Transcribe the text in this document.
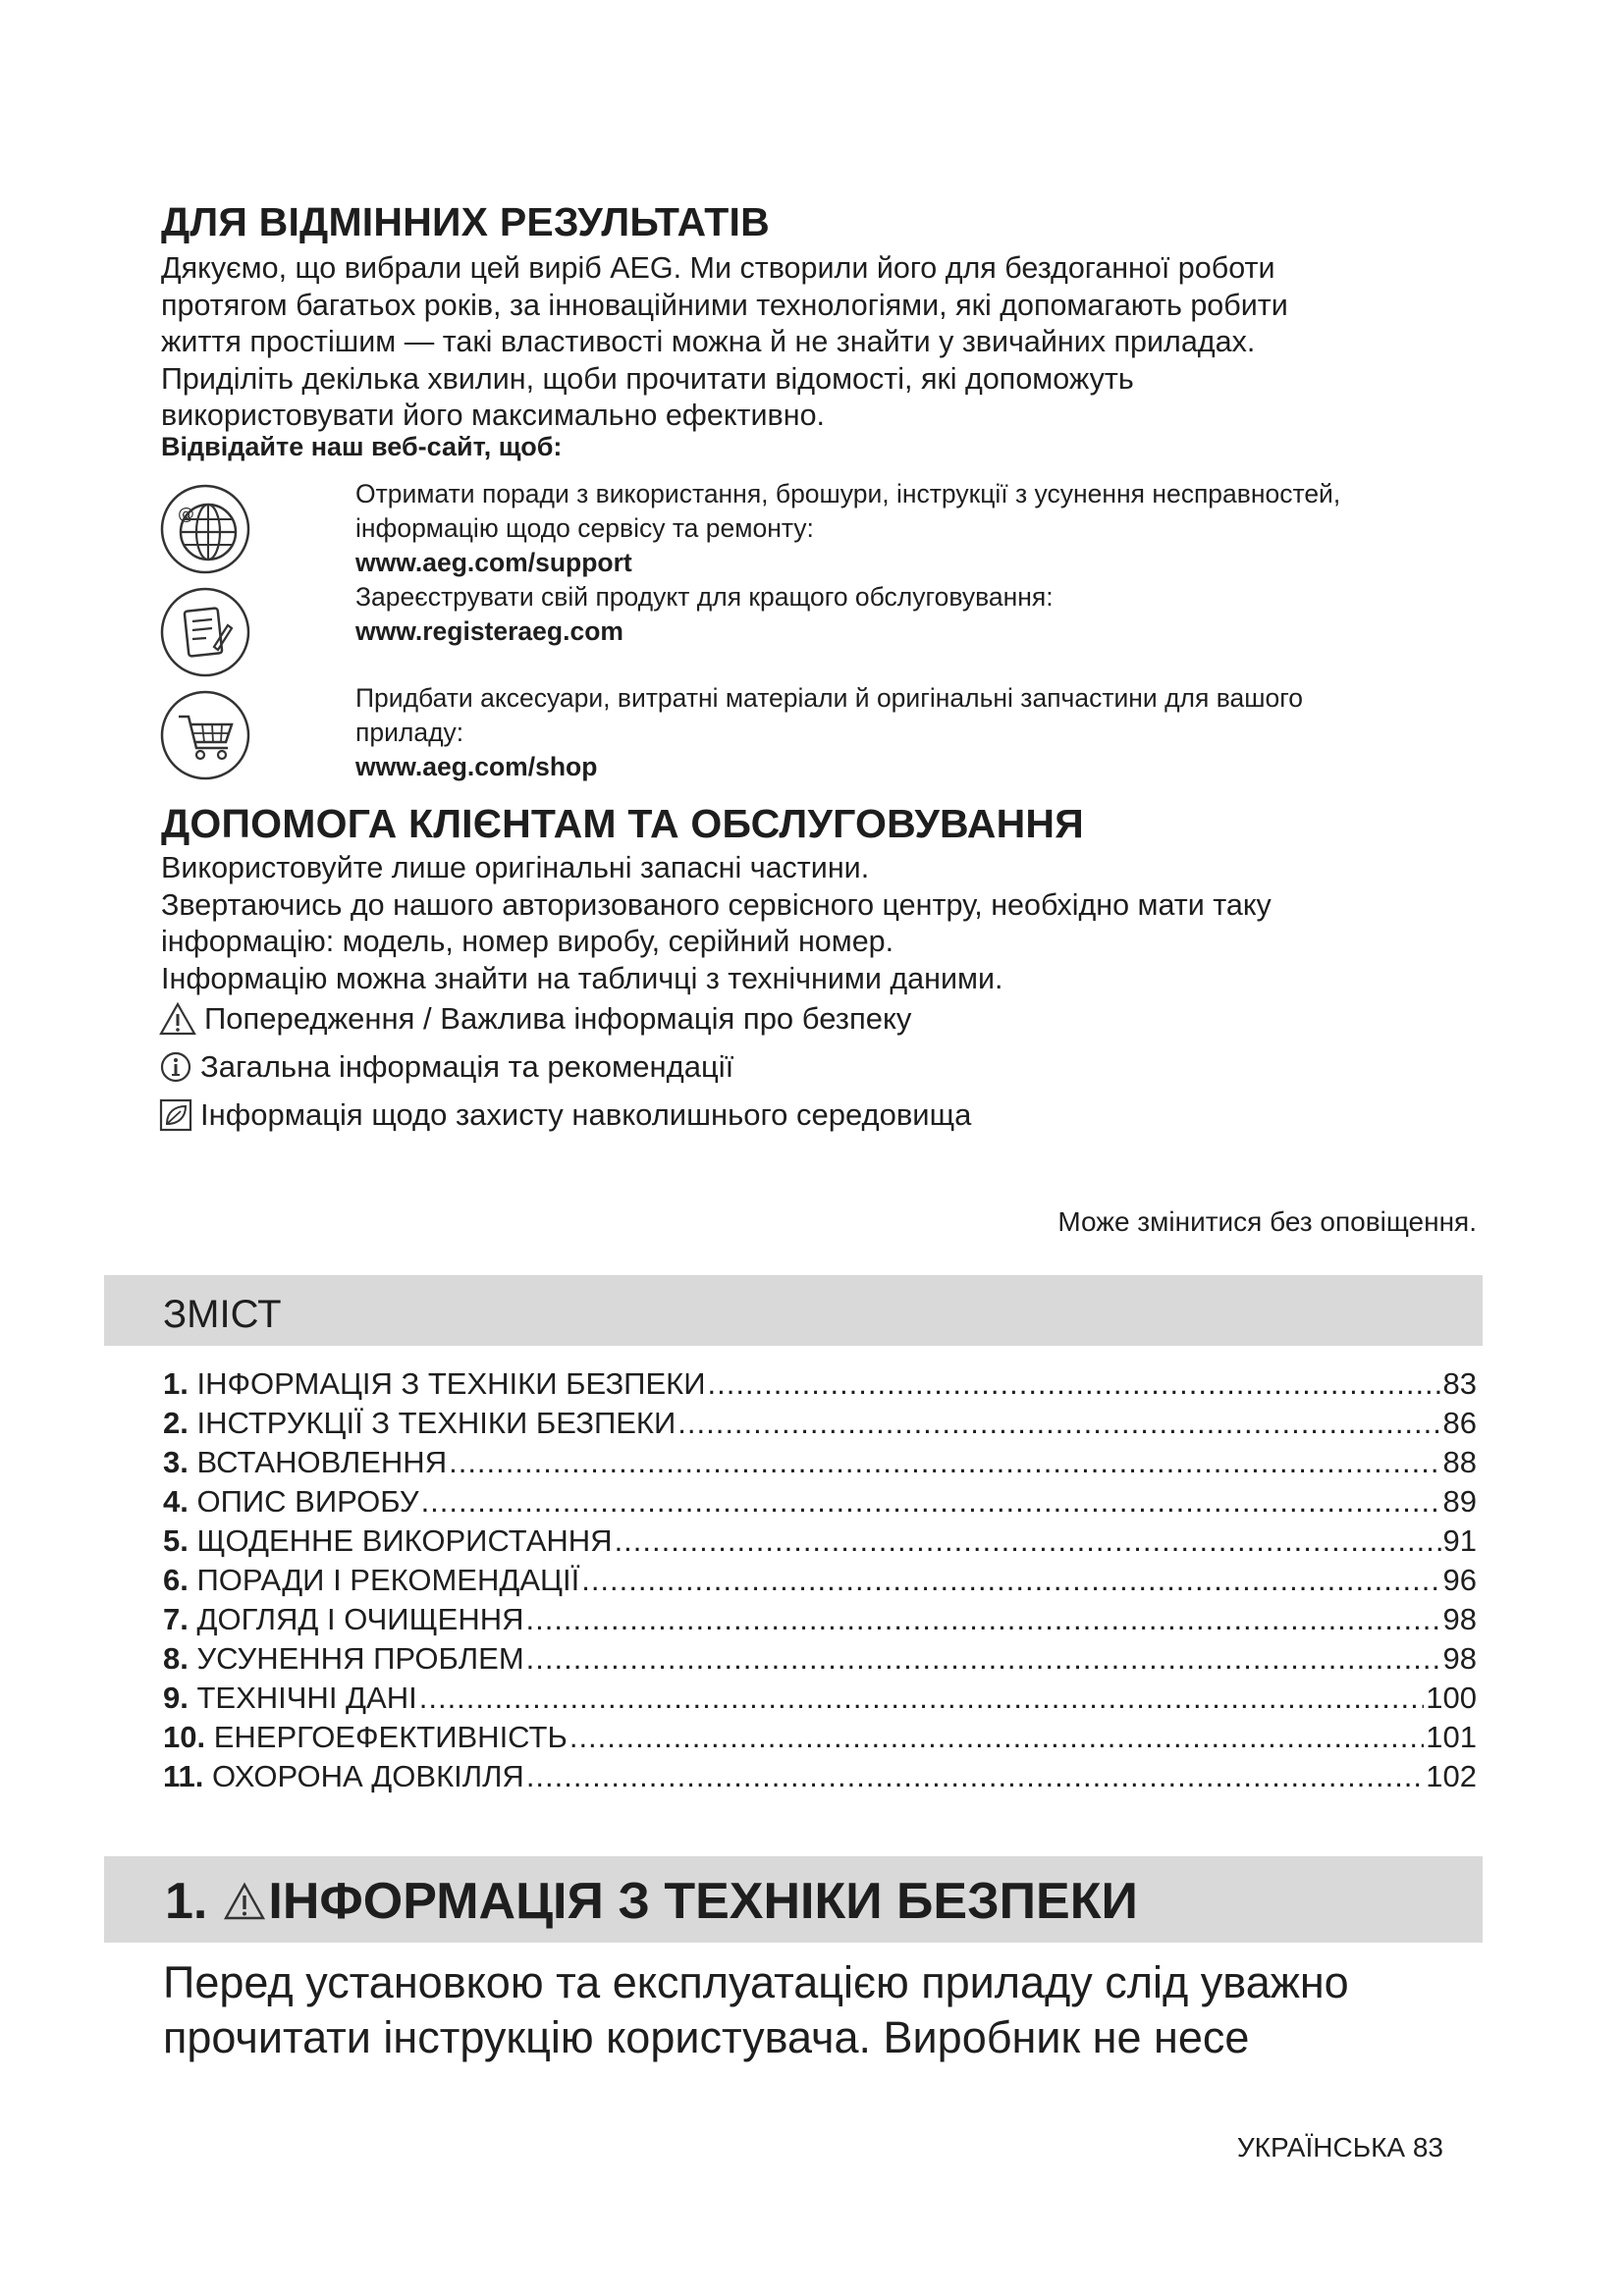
ДЛЯ ВІДМІННИХ РЕЗУЛЬТАТІВ
Дякуємо, що вибрали цей виріб AEG. Ми створили його для бездоганної роботи
протягом багатьох років, за інноваційними технологіями, які допомагають робити
життя простішим — такі властивості можна й не знайти у звичайних приладах.
Приділіть декілька хвилин, щоби прочитати відомості, які допоможуть
використовувати його максимально ефективно.
Відвідайте наш веб-сайт, щоб:
@
Отримати поради з використання, брошури, інструкції з усунення несправностей,
інформацію щодо сервісу та ремонту:
www.aeg.com/support
Зареєструвати свій продукт для кращого обслуговування:
www.registeraeg.com
Придбати аксесуари, витратні матеріали й оригінальні запчастини для вашого
приладу:
www.aeg.com/shop
ДОПОМОГА КЛІЄНТАМ ТА ОБСЛУГОВУВАННЯ
Використовуйте лише оригінальні запасні частини.
Звертаючись до нашого авторизованого сервісного центру, необхідно мати таку
інформацію: модель, номер виробу, серійний номер.
Інформацію можна знайти на табличці з технічними даними.
Попередження / Важлива інформація про безпеку
Загальна інформація та рекомендації
Інформація щодо захисту навколишнього середовища
Може змінитися без оповіщення.
ЗМІСТ
1.
ІНФОРМАЦІЯ З ТЕХНІКИ БЕЗПЕКИ .....	83
2.
ІНСТРУКЦІЇ З ТЕХНІКИ БЕЗПЕКИ .....	86
3.
ВСТАНОВЛЕННЯ .....	88
4.
ОПИС ВИРОБУ .....	89
5.
ЩОДЕННЕ ВИКОРИСТАННЯ .....	91
6.
ПОРАДИ І РЕКОМЕНДАЦІЇ .....	96
7.
ДОГЛЯД І ОЧИЩЕННЯ .....	98
8.
УСУНЕННЯ ПРОБЛЕМ .....	98
9.
ТЕХНІЧНІ ДАНІ .....	100
10.
ЕНЕРГОЕФЕКТИВНІСТЬ .....	101
11.
ОХОРОНА ДОВКІЛЛЯ .....	102
1. ІНФОРМАЦІЯ З ТЕХНІКИ БЕЗПЕКИ
Перед установкою та експлуатацією приладу слід уважно
прочитати інструкцію користувача. Виробник не несе
УКРАЇНСЬКА 83
